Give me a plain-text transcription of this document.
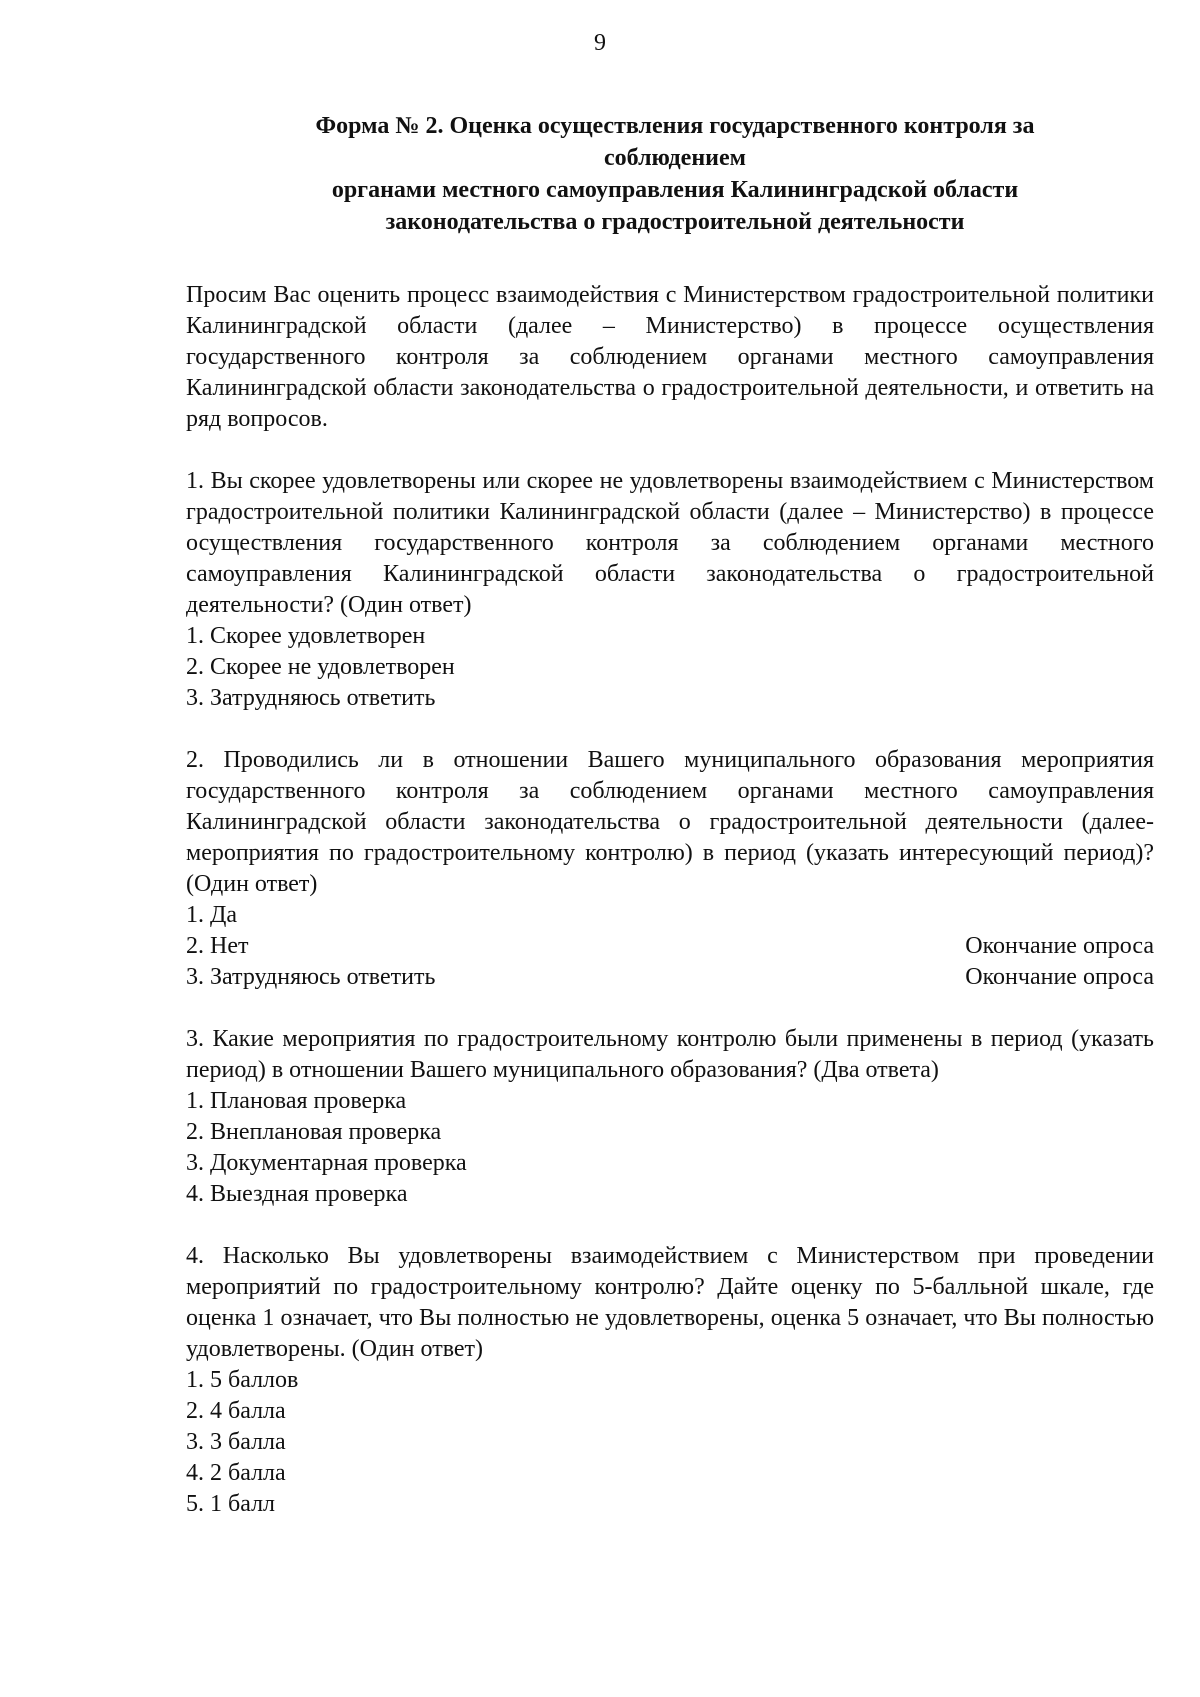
9
Форма № 2. Оценка осуществления государственного контроля за
соблюдением
органами местного самоуправления Калининградской области
законодательства о градостроительной деятельности

Просим Вас оценить процесс взаимодействия с Министерством градостроительной политики Калининградской области (далее – Министерство) в процессе осуществления государственного контроля за соблюдением органами местного самоуправления Калининградской области законодательства о градостроительной деятельности, и ответить на ряд вопросов.

1. Вы скорее удовлетворены или скорее не удовлетворены взаимодействием с Министерством градостроительной политики Калининградской области (далее – Министерство) в процессе осуществления государственного контроля за соблюдением органами местного самоуправления Калининградской области законодательства о градостроительной деятельности? (Один ответ)

1. Скорее удовлетворен
2. Скорее не удовлетворен
3. Затрудняюсь ответить

2. Проводились ли в отношении Вашего муниципального образования мероприятия государственного контроля за соблюдением органами местного самоуправления Калининградской области законодательства о градостроительной деятельности (далее- мероприятия по градостроительному контролю) в период (указать интересующий период)? (Один ответ)

1. Да
2. Нет	Окончание опроса
3. Затрудняюсь ответить	Окончание опроса

3. Какие мероприятия по градостроительному контролю были применены в период (указать период) в отношении Вашего муниципального образования? (Два ответа)

1. Плановая проверка
2. Внеплановая проверка
3. Документарная проверка
4. Выездная проверка

4. Насколько Вы удовлетворены взаимодействием с Министерством при проведении мероприятий по градостроительному контролю? Дайте оценку по 5-балльной шкале, где оценка 1 означает, что Вы полностью не удовлетворены, оценка 5 означает, что Вы полностью удовлетворены. (Один ответ)

1. 5 баллов
2. 4 балла
3. 3 балла
4. 2 балла
5. 1 балл
